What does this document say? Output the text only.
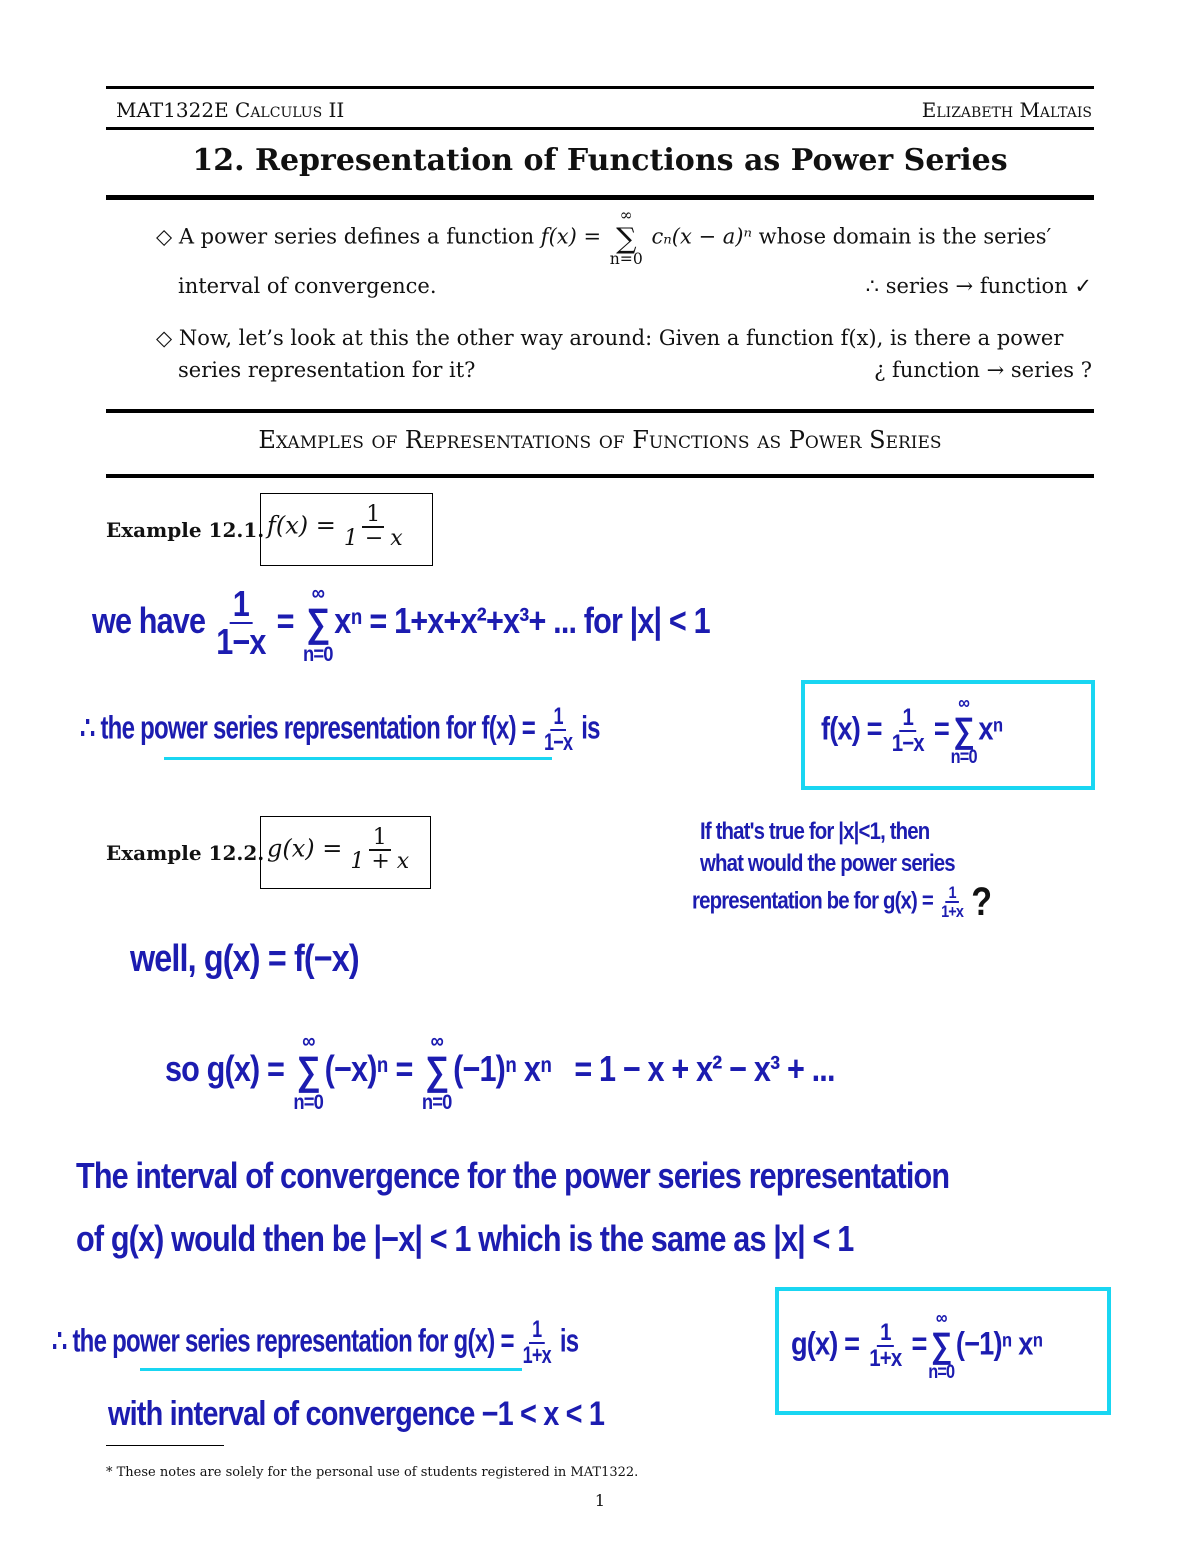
MAT1322E Calculus II	Elizabeth Maltais
12. Representation of Functions as Power Series
◇ A power series defines a function f(x) =
∞
∑
n=0
cₙ(x − a)ⁿ whose domain is the series′
interval of convergence.	∴ series → function ✓
◇ Now, let’s look at this the other way around: Given a function f(x), is there a power
series representation for it?	¿ function → series ?
Examples of Representations of Functions as Power Series
Example 12.1. $f(x) = \frac{1}{1 - x}$
we have $\frac{1}{1-x}$ =
∞
∑
n=0
xⁿ = 1+x+x²+x³+ ... for |x| < 1
∴ the power series representation for $f(x) = \frac{1}{1-x}$ is	$f(x) = \frac{1}{1-x}$ =
∞
∑
n=0
xⁿ
Example 12.2. $g(x) = \frac{1}{1 + x}$	If that's true for |x|<1, then
what would the power series
representation be for $g(x) = \frac{1}{1+x}$ ?
well, g(x) = f(−x)
so g(x) =
∞
∑
n=0
(−x)ⁿ =
∞
∑
n=0
(−1)ⁿ xⁿ = 1 − x + x² − x³ + ...
The interval of convergence for the power series representation
of g(x) would then be |−x| < 1 which is the same as |x| < 1
∴ the power series representation for $g(x) = \frac{1}{1+x}$ is	$g(x) = \frac{1}{1+x}$ =
∞
∑
n=0
(−1)ⁿ xⁿ
with interval of convergence −1 < x < 1
* These notes are solely for the personal use of students registered in MAT1322.
1
